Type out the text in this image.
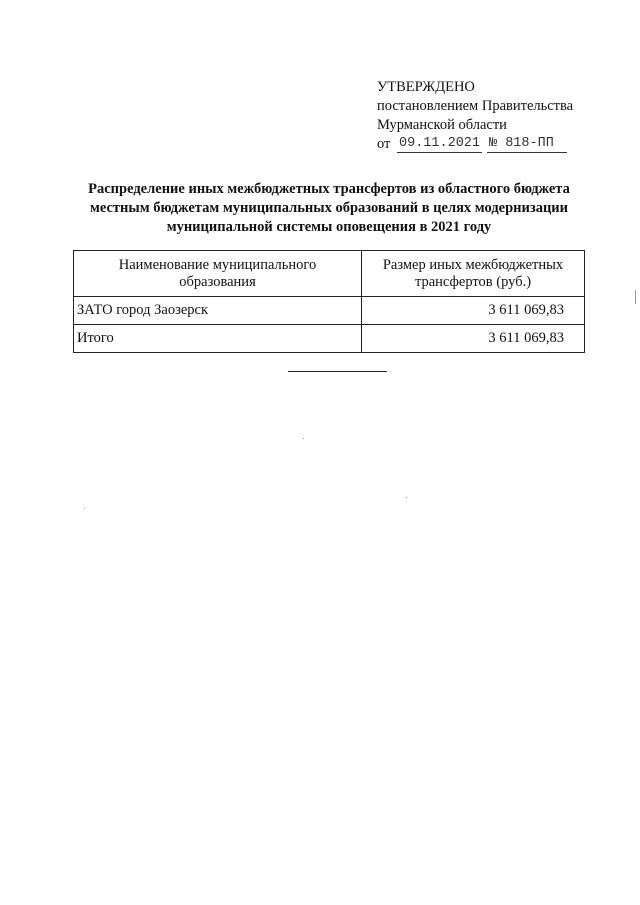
УТВЕРЖДЕНО
постановлением Правительства
Мурманской области
от 09.11.2021 № 818-ПП
Распределение иных межбюджетных трансфертов из областного бюджета
местным бюджетам муниципальных образований в целях модернизации
муниципальной системы оповещения в 2021 году
Наименование муниципального образования	Размер иных межбюджетных трансфертов (руб.)
ЗАТО город Заозерск	3 611 069,83
Итого	3 611 069,83
